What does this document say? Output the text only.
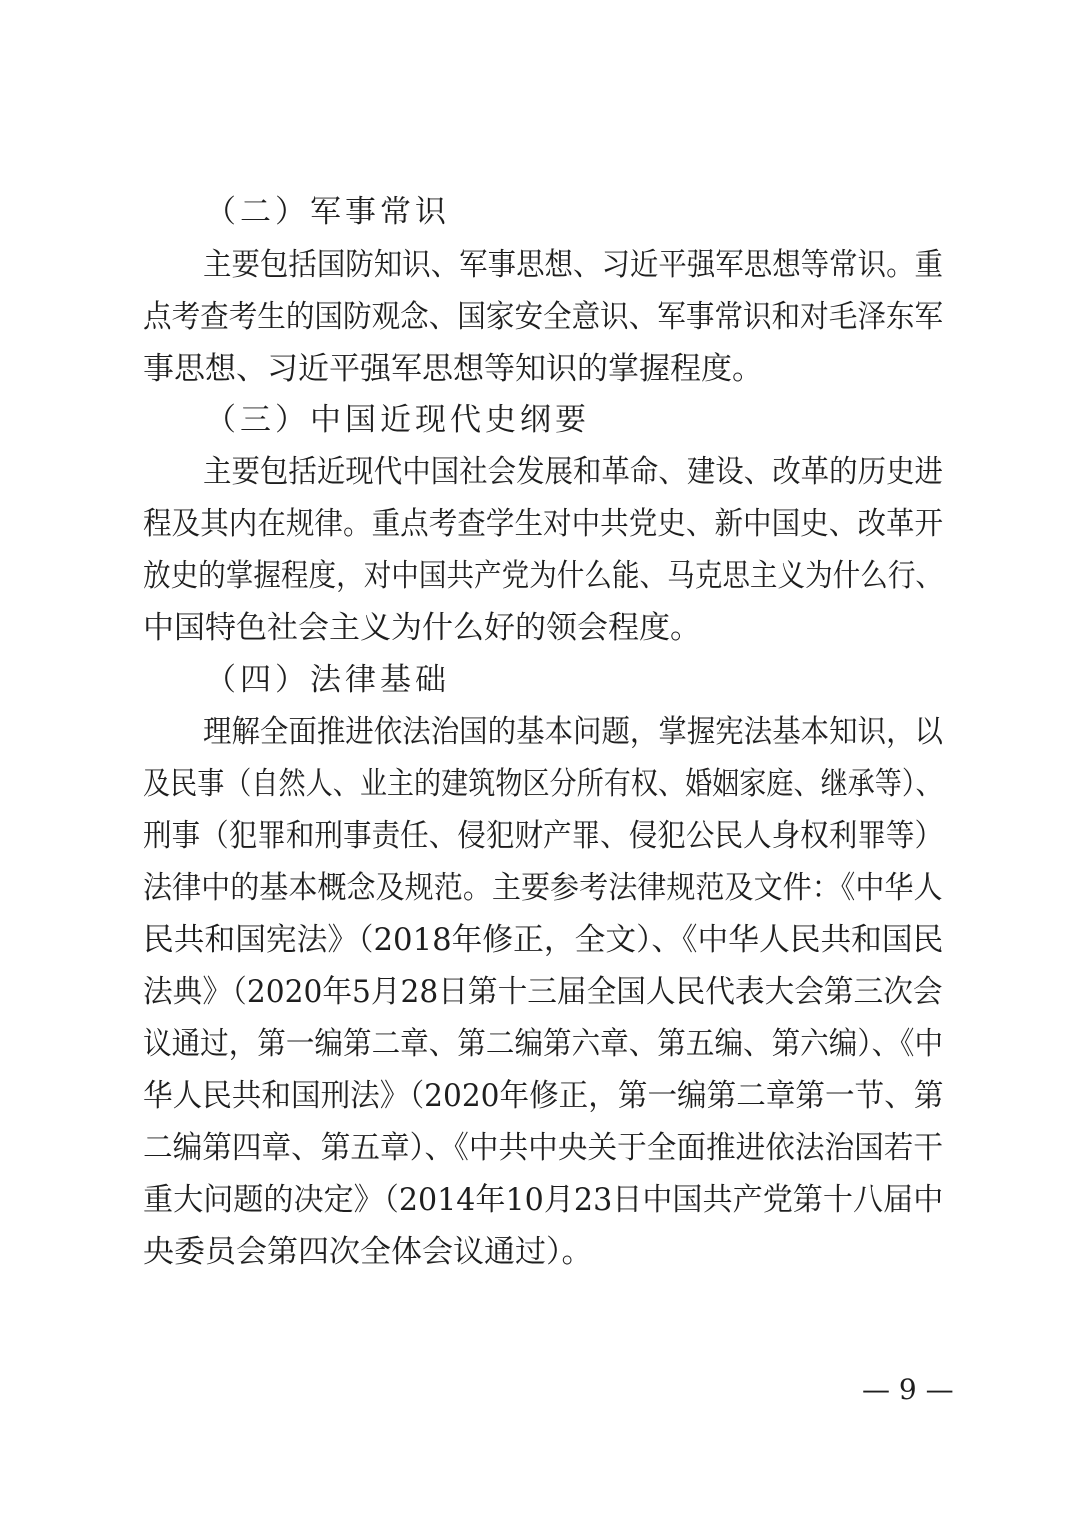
（二）军事常识
主要包括国防知识、军事思想、习近平强军思想等常识。重
点考查考生的国防观念、国家安全意识、军事常识和对毛泽东军
事思想、习近平强军思想等知识的掌握程度。
（三）中国近现代史纲要
主要包括近现代中国社会发展和革命、建设、改革的历史进
程及其内在规律。重点考查学生对中共党史、新中国史、改革开
放史的掌握程度，对中国共产党为什么能、马克思主义为什么行、
中国特色社会主义为什么好的领会程度。
（四）法律基础
理解全面推进依法治国的基本问题，掌握宪法基本知识，以
及民事（自然人、业主的建筑物区分所有权、婚姻家庭、继承等）、
刑事（犯罪和刑事责任、侵犯财产罪、侵犯公民人身权利罪等）
法律中的基本概念及规范。主要参考法律规范及文件：《中华人
民共和国宪法》（2018年修正，全文）、《中华人民共和国民
法典》（2020年5月28日第十三届全国人民代表大会第三次会
议通过，第一编第二章、第二编第六章、第五编、第六编）、《中
华人民共和国刑法》（2020年修正，第一编第二章第一节、第
二编第四章、第五章）、《中共中央关于全面推进依法治国若干
重大问题的决定》（2014年10月23日中国共产党第十八届中
央委员会第四次全体会议通过）。
— 9 —
